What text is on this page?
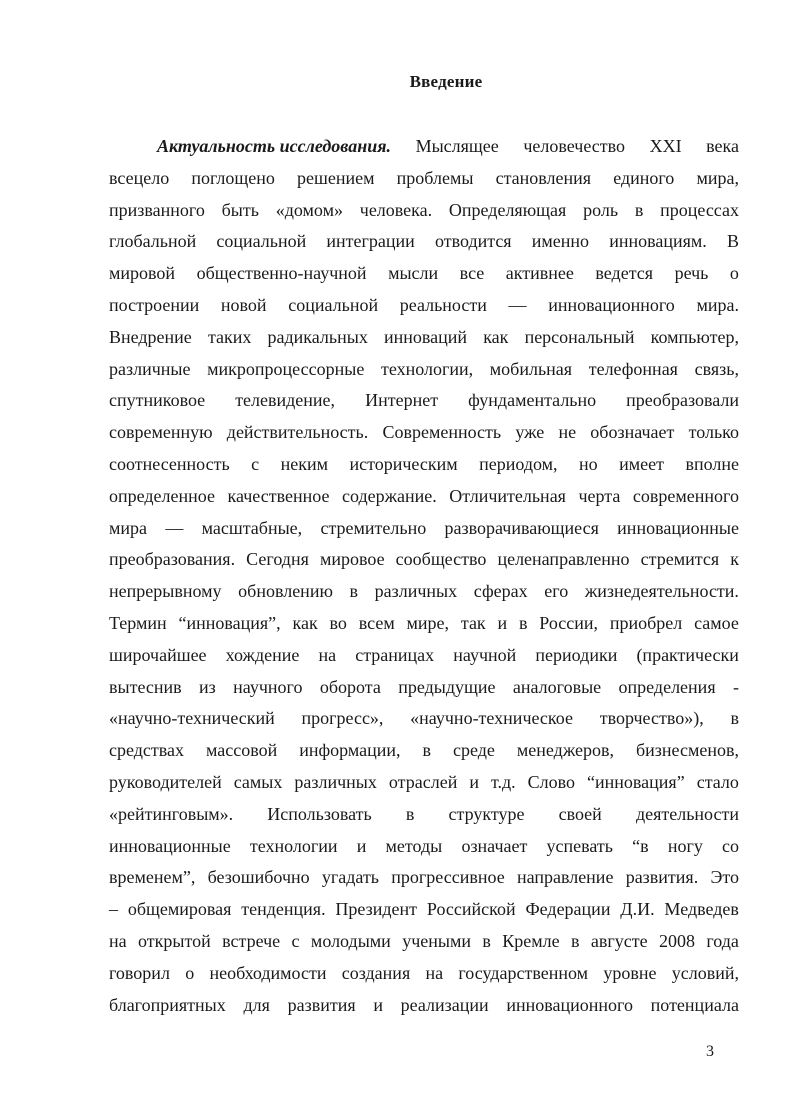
Введение
Актуальность исследования. Мыслящее человечество XXI века
всецело поглощено решением проблемы становления единого мира,
призванного быть «домом» человека. Определяющая роль в процессах
глобальной социальной интеграции отводится именно инновациям. В
мировой общественно-научной мысли все активнее ведется речь о
построении новой социальной реальности — инновационного мира.
Внедрение таких радикальных инноваций как персональный компьютер,
различные микропроцессорные технологии, мобильная телефонная связь,
спутниковое телевидение, Интернет фундаментально преобразовали
современную действительность. Современность уже не обозначает только
соотнесенность с неким историческим периодом, но имеет вполне
определенное качественное содержание. Отличительная черта современного
мира — масштабные, стремительно разворачивающиеся инновационные
преобразования. Сегодня мировое сообщество целенаправленно стремится к
непрерывному обновлению в различных сферах его жизнедеятельности.
Термин “инновация”, как во всем мире, так и в России, приобрел самое
широчайшее хождение на страницах научной периодики (практически
вытеснив из научного оборота предыдущие аналоговые определения -
«научно-технический прогресс», «научно-техническое творчество»), в
средствах массовой информации, в среде менеджеров, бизнесменов,
руководителей самых различных отраслей и т.д. Слово “инновация” стало
«рейтинговым». Использовать в структуре своей деятельности
инновационные технологии и методы означает успевать “в ногу со
временем”, безошибочно угадать прогрессивное направление развития. Это
– общемировая тенденция. Президент Российской Федерации Д.И. Медведев
на открытой встрече с молодыми учеными в Кремле в августе 2008 года
говорил о необходимости создания на государственном уровне условий,
благоприятных для развития и реализации инновационного потенциала
3
